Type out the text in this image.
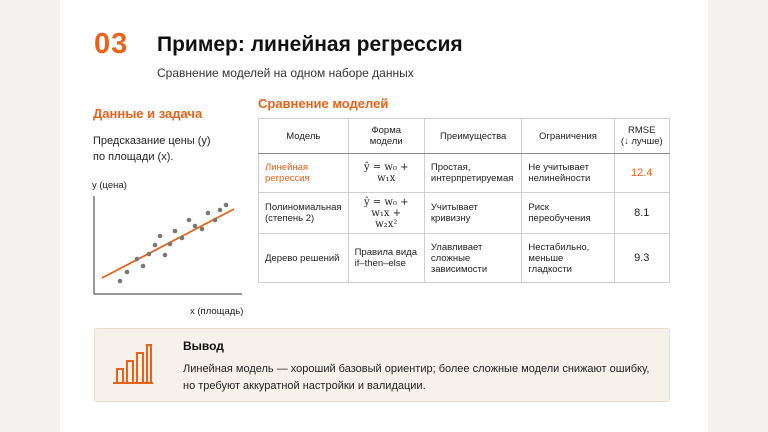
03 Пример: линейная регрессия
Сравнение моделей на одном наборе данных
Данные и задача
Предсказание цены (y)
по площади (x).
y (цена)
x (площадь)
Сравнение моделей
Модель	Форма модели	Преимущества	Ограничения	RMSE
(↓ лучше)

Линейная регрессия	ŷ = w₀ + w₁x	Простая, интерпретируемая	Не учитывает нелинейности	12.4
Полиномиальная (степень 2)	ŷ = w₀ + w₁x +
w₂x²	Учитывает кривизну	Риск переобучения	8.1
Дерево решений	Правила вида if–then–else	Улавливает сложные зависимости	Нестабильно, меньше гладкости	9.3
Вывод
Линейная модель — хороший базовый ориентир; более сложные модели снижают ошибку, но требуют аккуратной настройки и валидации.
